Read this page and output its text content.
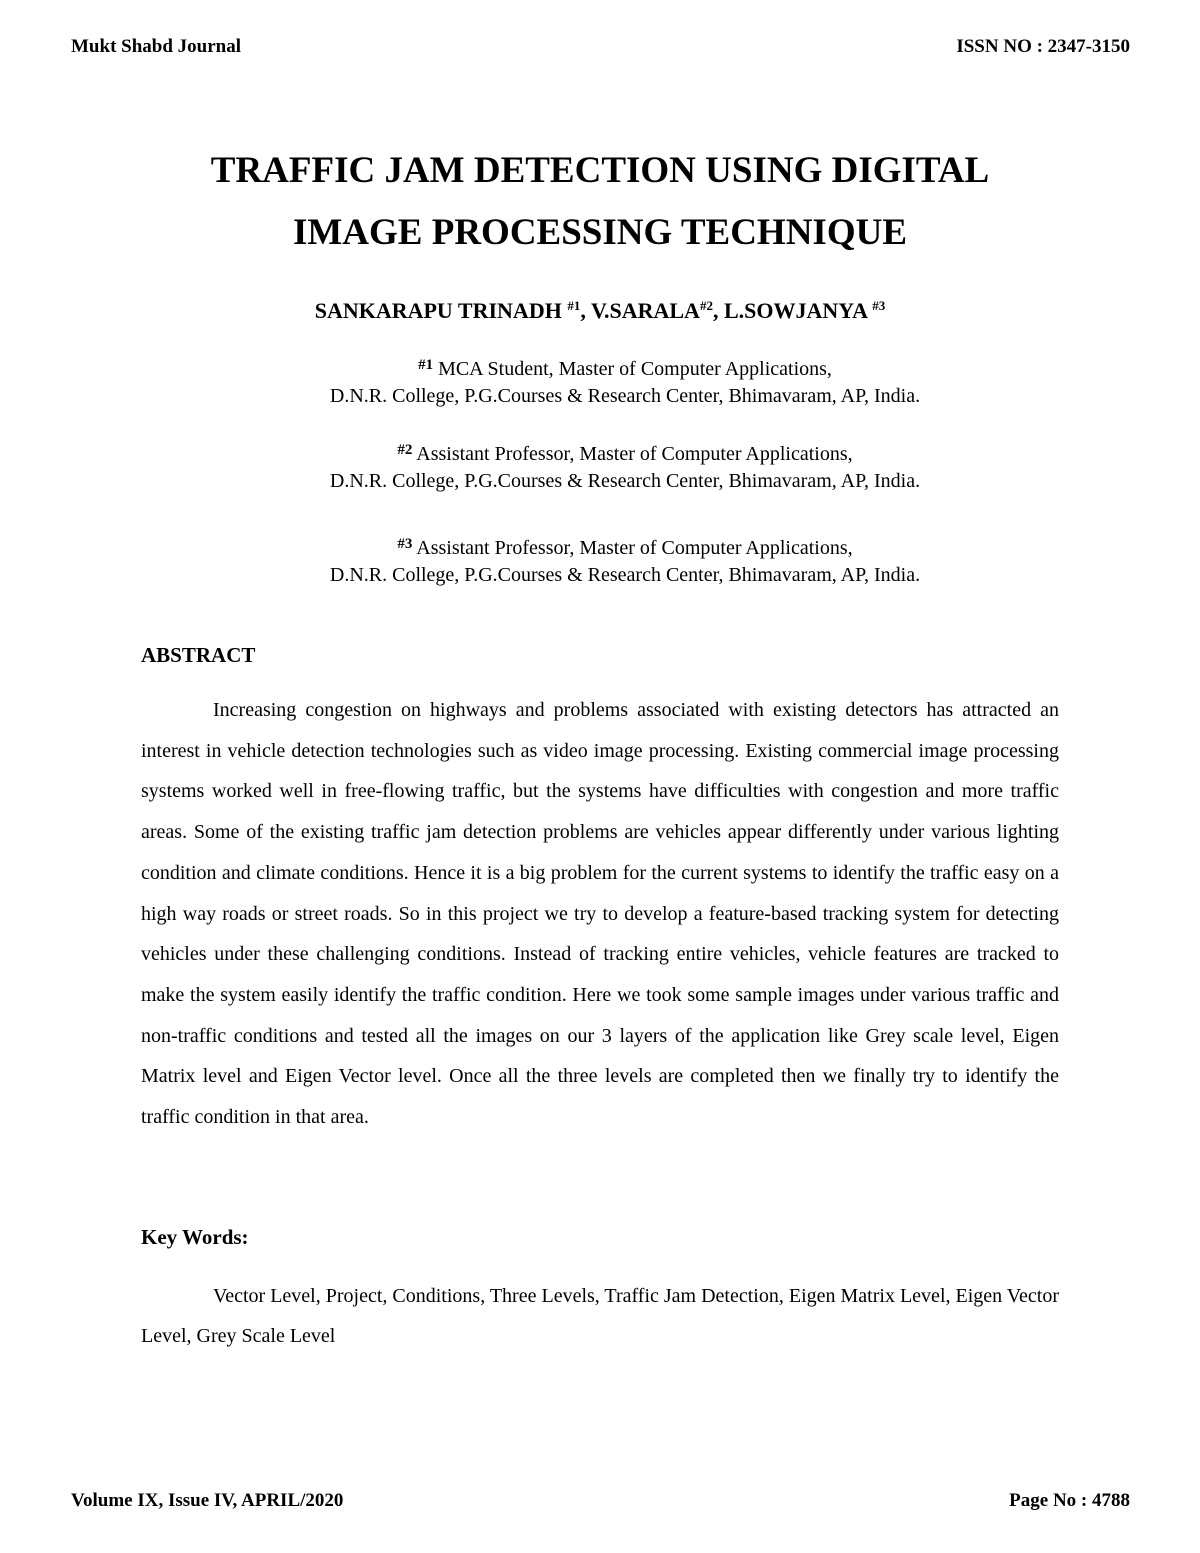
Mukt Shabd Journal	ISSN NO : 2347-3150
TRAFFIC JAM DETECTION USING DIGITAL
IMAGE PROCESSING TECHNIQUE
SANKARAPU TRINADH $^{\#1}$, V.SARALA$^{\#2}$, L.SOWJANYA $^{\#3}$
$^{\#1}$ MCA Student, Master of Computer Applications,
D.N.R. College, P.G.Courses & Research Center, Bhimavaram, AP, India.
$^{\#2}$ Assistant Professor, Master of Computer Applications,
D.N.R. College, P.G.Courses & Research Center, Bhimavaram, AP, India.
$^{\#3}$ Assistant Professor, Master of Computer Applications,
D.N.R. College, P.G.Courses & Research Center, Bhimavaram, AP, India.
ABSTRACT

Increasing congestion on highways and problems associated with existing detectors has attracted an interest in vehicle detection technologies such as video image processing. Existing commercial image processing systems worked well in free-flowing traffic, but the systems have difficulties with congestion and more traffic areas. Some of the existing traffic jam detection problems are vehicles appear differently under various lighting condition and climate conditions. Hence it is a big problem for the current systems to identify the traffic easy on a high way roads or street roads. So in this project we try to develop a feature-based tracking system for detecting vehicles under these challenging conditions. Instead of tracking entire vehicles, vehicle features are tracked to make the system easily identify the traffic condition. Here we took some sample images under various traffic and non-traffic conditions and tested all the images on our 3 layers of the application like Grey scale level, Eigen Matrix level and Eigen Vector level. Once all the three levels are completed then we finally try to identify the traffic condition in that area.

Key Words:

Vector Level, Project, Conditions, Three Levels, Traffic Jam Detection, Eigen Matrix Level, Eigen Vector Level, Grey Scale Level

Volume IX, Issue IV, APRIL/2020	Page No : 4788
